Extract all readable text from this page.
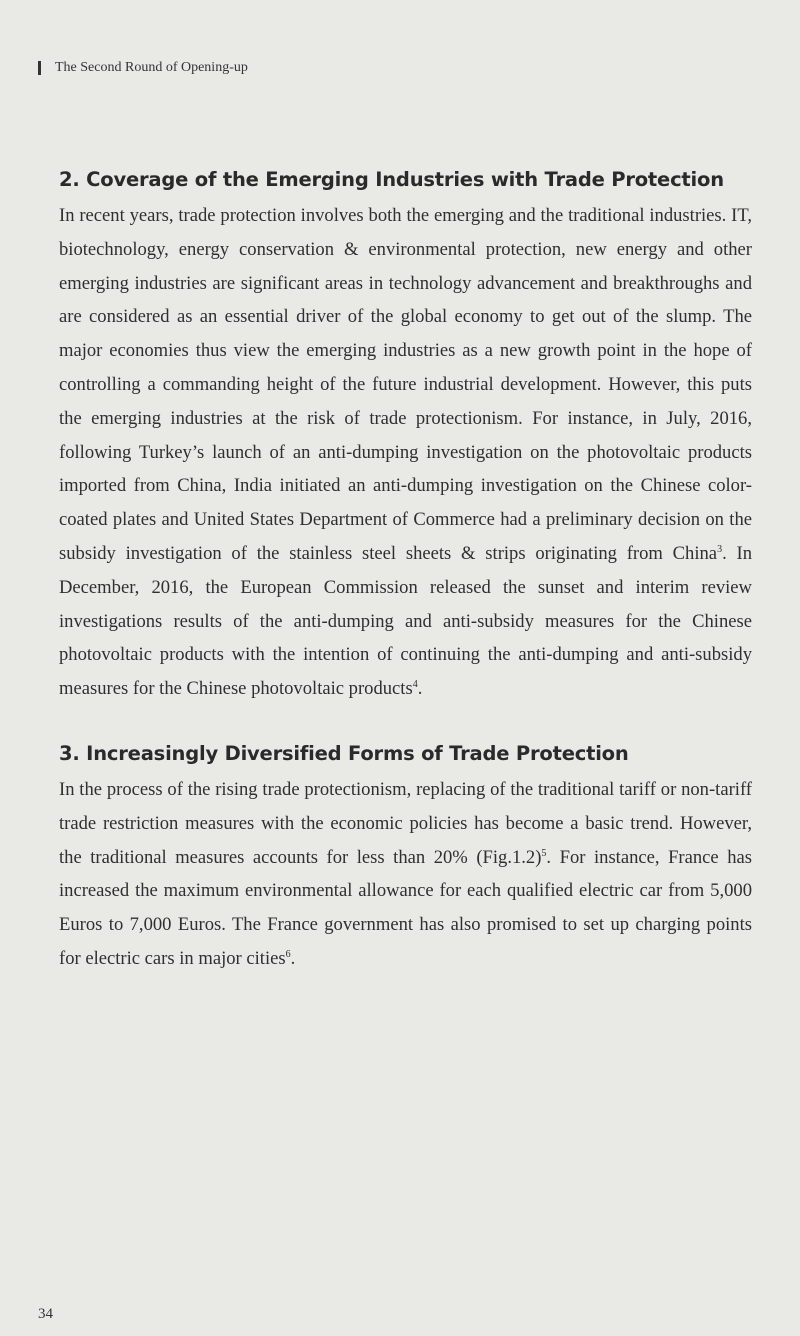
The Second Round of Opening-up
2. Coverage of the Emerging Industries with Trade Protection

In recent years, trade protection involves both the emerging and the traditional industries. IT, biotechnology, energy conservation & environmental protection, new energy and other emerging industries are significant areas in technology advancement and breakthroughs and are considered as an essential driver of the global economy to get out of the slump. The major economies thus view the emerging industries as a new growth point in the hope of controlling a commanding height of the future industrial development. However, this puts the emerging industries at the risk of trade protectionism. For instance, in July, 2016, following Turkey’s launch of an anti-dumping investigation on the photovoltaic products imported from China, India initiated an anti-dumping investigation on the Chinese color-coated plates and United States Department of Commerce had a preliminary decision on the subsidy investigation of the stainless steel sheets & strips originating from China$^3$. In December, 2016, the European Commission released the sunset and interim review investigations results of the anti-dumping and anti-subsidy measures for the Chinese photovoltaic products with the intention of continuing the anti-dumping and anti-subsidy measures for the Chinese photovoltaic products$^4$.

3. Increasingly Diversified Forms of Trade Protection

In the process of the rising trade protectionism, replacing of the traditional tariff or non-tariff trade restriction measures with the economic policies has become a basic trend. However, the traditional measures accounts for less than 20% $(Fig.1.2)^5$. For instance, France has increased the maximum environmental allowance for each qualified electric car from 5,000 Euros to 7,000 Euros. The France government has also promised to set up charging points for electric cars in major cities$^6$.

34
